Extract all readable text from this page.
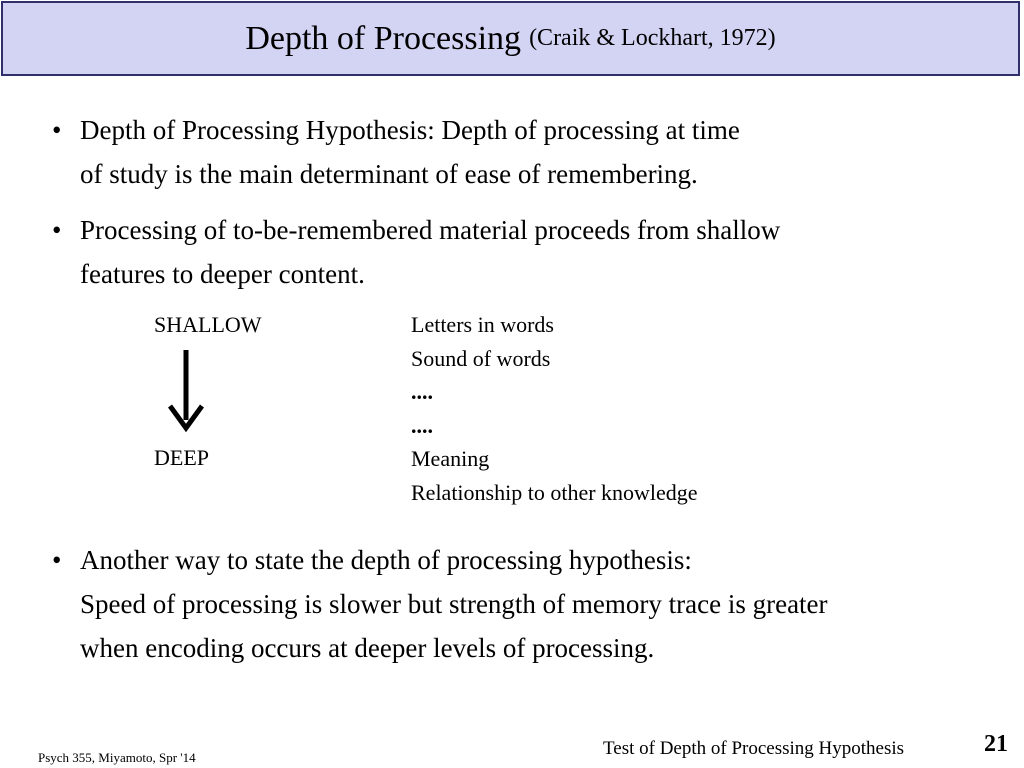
Depth of Processing (Craik & Lockhart, 1972)
• Depth of Processing Hypothesis: Depth of processing at time
of study is the main determinant of ease of remembering.
• Processing of to-be-remembered material proceeds from shallow
features to deeper content.
SHALLOW
DEEP
Letters in words
Sound of words
....
....
Meaning
Relationship to other knowledge
• Another way to state the depth of processing hypothesis:
Speed of processing is slower but strength of memory trace is greater
when encoding occurs at deeper levels of processing.
Psych 355, Miyamoto, Spr '14	Test of Depth of Processing Hypothesis	21
